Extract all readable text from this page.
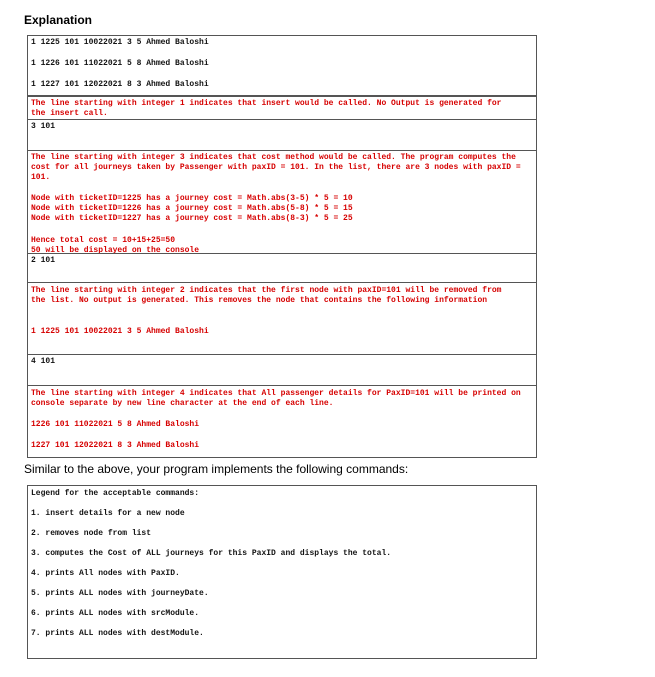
Explanation
1 1225 101 10022021 3 5 Ahmed Baloshi
1 1226 101 11022021 5 8 Ahmed Baloshi
1 1227 101 12022021 8 3 Ahmed Baloshi
The line starting with integer 1 indicates that insert would be called. No Output is generated for the insert call.
3 101
The line starting with integer 3 indicates that cost method would be called. The program computes the cost for all journeys taken by Passenger with paxID = 101. In the list, there are 3 nodes with paxID = 101.
Node with ticketID=1225 has a journey cost = Math.abs(3-5) * 5 = 10
Node with ticketID=1226 has a journey cost = Math.abs(5-8) * 5 = 15
Node with ticketID=1227 has a journey cost = Math.abs(8-3) * 5 = 25
Hence total cost = 10+15+25=50
50 will be displayed on the console
2 101
The line starting with integer 2 indicates that the first node with paxID=101 will be removed from the list. No output is generated. This removes the node that contains the following information
1 1225 101 10022021 3 5 Ahmed Baloshi
4 101
The line starting with integer 4 indicates that All passenger details for PaxID=101 will be printed on console separate by new line character at the end of each line.
1226 101 11022021 5 8 Ahmed Baloshi
1227 101 12022021 8 3 Ahmed Baloshi
Similar to the above, your program implements the following commands:
Legend for the acceptable commands:
1. insert details for a new node
2. removes node from list
3. computes the Cost of ALL journeys for this PaxID and displays the total.
4. prints All nodes with PaxID.
5. prints ALL nodes with journeyDate.
6. prints ALL nodes with srcModule.
7. prints ALL nodes with destModule.
